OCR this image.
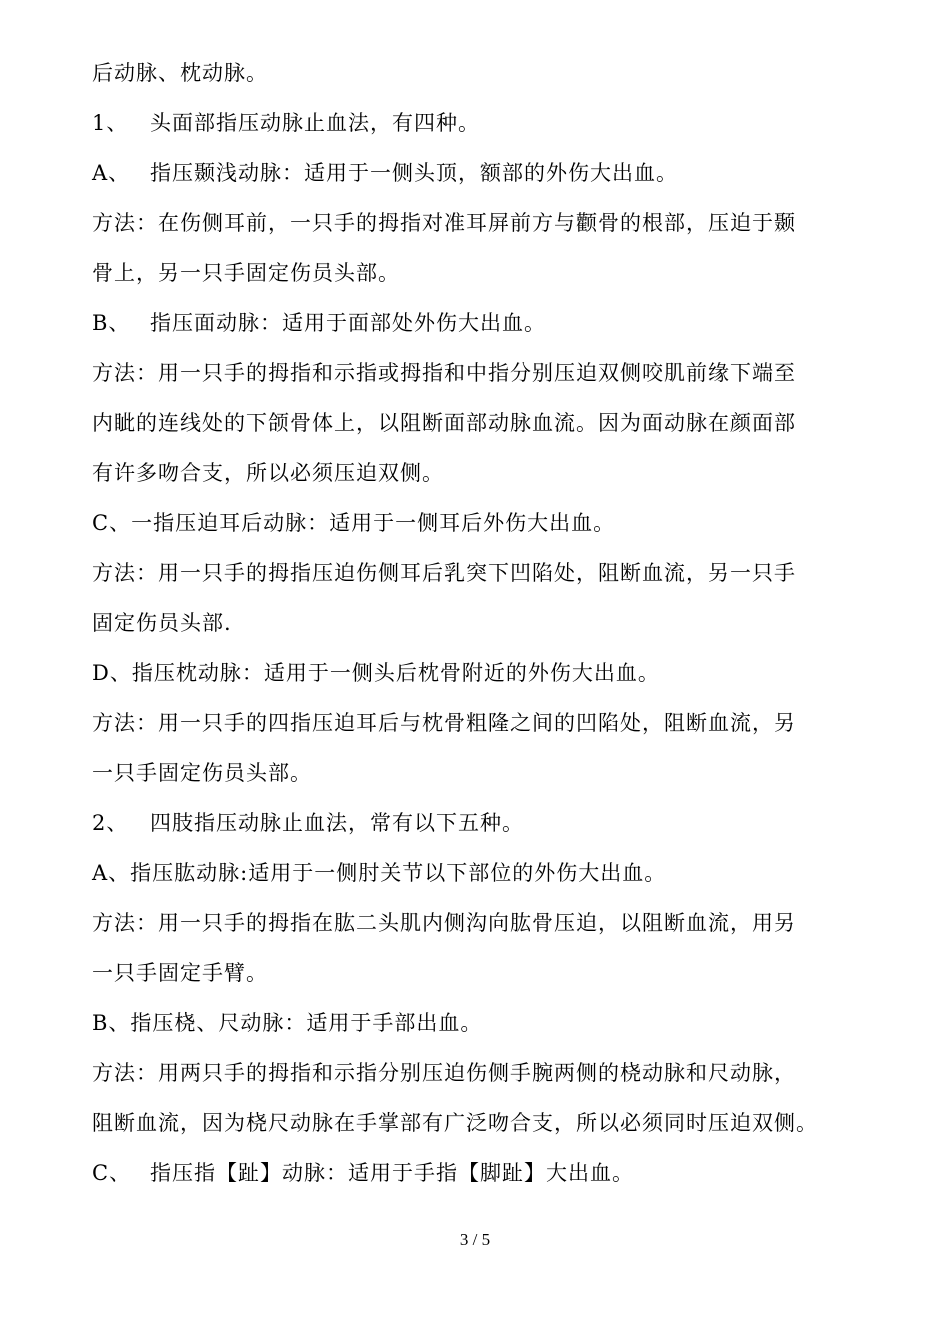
后动脉、枕动脉。
1、 头面部指压动脉止血法，有四种。
A、 指压颞浅动脉：适用于一侧头顶，额部的外伤大出血。
方法：在伤侧耳前，一只手的拇指对准耳屏前方与颧骨的根部，压迫于颞
骨上，另一只手固定伤员头部。
B、 指压面动脉：适用于面部处外伤大出血。
方法：用一只手的拇指和示指或拇指和中指分别压迫双侧咬肌前缘下端至
内眦的连线处的下颌骨体上，以阻断面部动脉血流。因为面动脉在颜面部
有许多吻合支，所以必须压迫双侧。
C、一指压迫耳后动脉：适用于一侧耳后外伤大出血。
方法：用一只手的拇指压迫伤侧耳后乳突下凹陷处，阻断血流，另一只手
固定伤员头部.
D、指压枕动脉：适用于一侧头后枕骨附近的外伤大出血。
方法：用一只手的四指压迫耳后与枕骨粗隆之间的凹陷处，阻断血流，另
一只手固定伤员头部。
2、 四肢指压动脉止血法，常有以下五种。
A、指压肱动脉:适用于一侧肘关节以下部位的外伤大出血。
方法：用一只手的拇指在肱二头肌内侧沟向肱骨压迫，以阻断血流，用另
一只手固定手臂。
B、指压桡、尺动脉：适用于手部出血。
方法：用两只手的拇指和示指分别压迫伤侧手腕两侧的桡动脉和尺动脉，
阻断血流，因为桡尺动脉在手掌部有广泛吻合支，所以必须同时压迫双侧。
C、 指压指【趾】动脉：适用于手指【脚趾】大出血。
3 / 5
